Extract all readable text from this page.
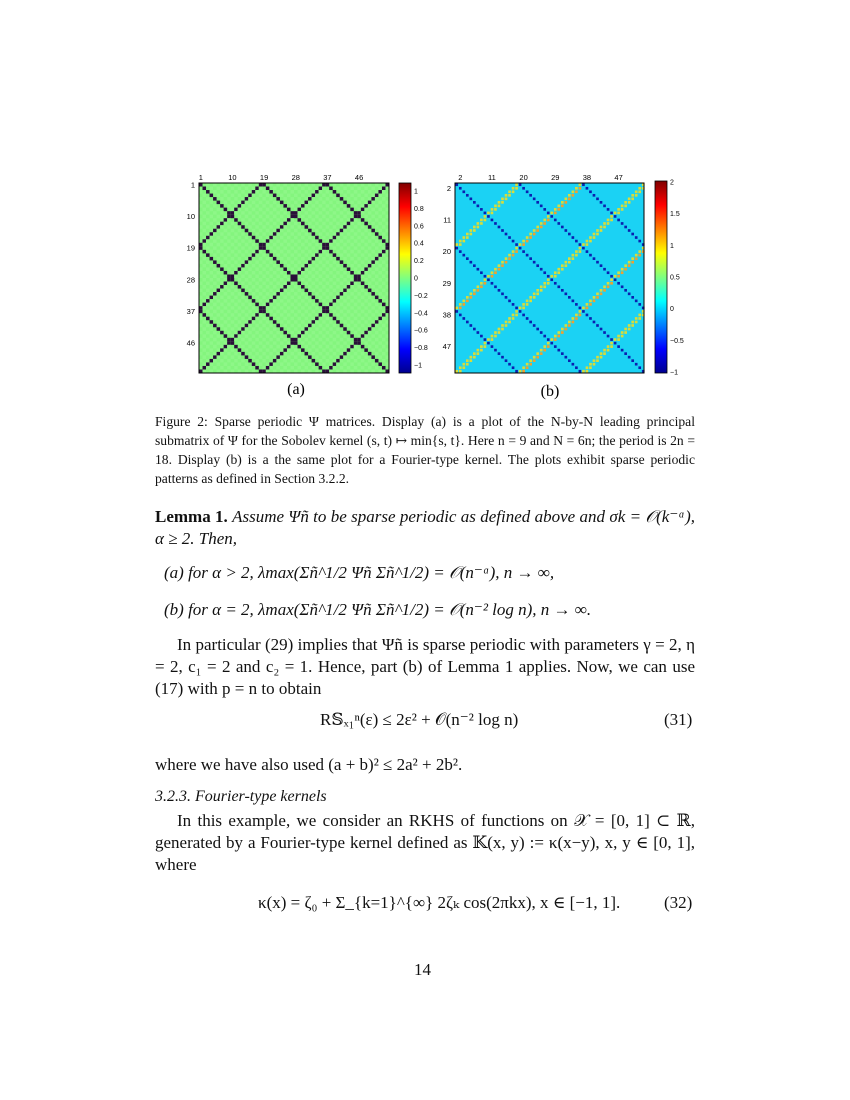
1
1
10
10
19
19
28
28
37
37
46
46
1
0.8
0.6
0.4
0.2
0
−0.2
−0.4
−0.6
−0.8
−1
2
2
11
11
20
20
29
29
38
38
47
47
2
1.5
1
0.5
0
−0.5
−1
(a)	(b)
Figure 2: Sparse periodic Ψ matrices. Display (a) is a plot of the N-by-N leading principal submatrix of Ψ for the Sobolev kernel (s, t) ↦ min{s, t}. Here n = 9 and N = 6n; the period is 2n = 18. Display (b) is a the same plot for a Fourier-type kernel. The plots exhibit sparse periodic patterns as defined in Section 3.2.2.
Lemma 1. Assume Ψñ to be sparse periodic as defined above and σk = 𝒪(k⁻ᵅ), α ≥ 2. Then,
(a) for α > 2, λmax(Σñ^1/2 Ψñ Σñ^1/2) = 𝒪(n⁻ᵅ), n → ∞,
(b) for α = 2, λmax(Σñ^1/2 Ψñ Σñ^1/2) = 𝒪(n⁻² log n), n → ∞.
In particular (29) implies that Ψñ is sparse periodic with parameters γ = 2, η = 2, c₁ = 2 and c₂ = 1. Hence, part (b) of Lemma 1 applies. Now, we can use (17) with p = n to obtain
R𝕊ₓ₁ⁿ(ε) ≤ 2ε² + 𝒪(n⁻² log n)	(31)
where we have also used (a + b)² ≤ 2a² + 2b².
3.2.3. Fourier-type kernels
In this example, we consider an RKHS of functions on 𝒳 = [0, 1] ⊂ ℝ, generated by a Fourier-type kernel defined as 𝕂(x, y) := κ(x−y), x, y ∈ [0, 1], where
κ(x) = ζ₀ + Σ_{k=1}^{∞} 2ζₖ cos(2πkx), x ∈ [−1, 1].	(32)
14
